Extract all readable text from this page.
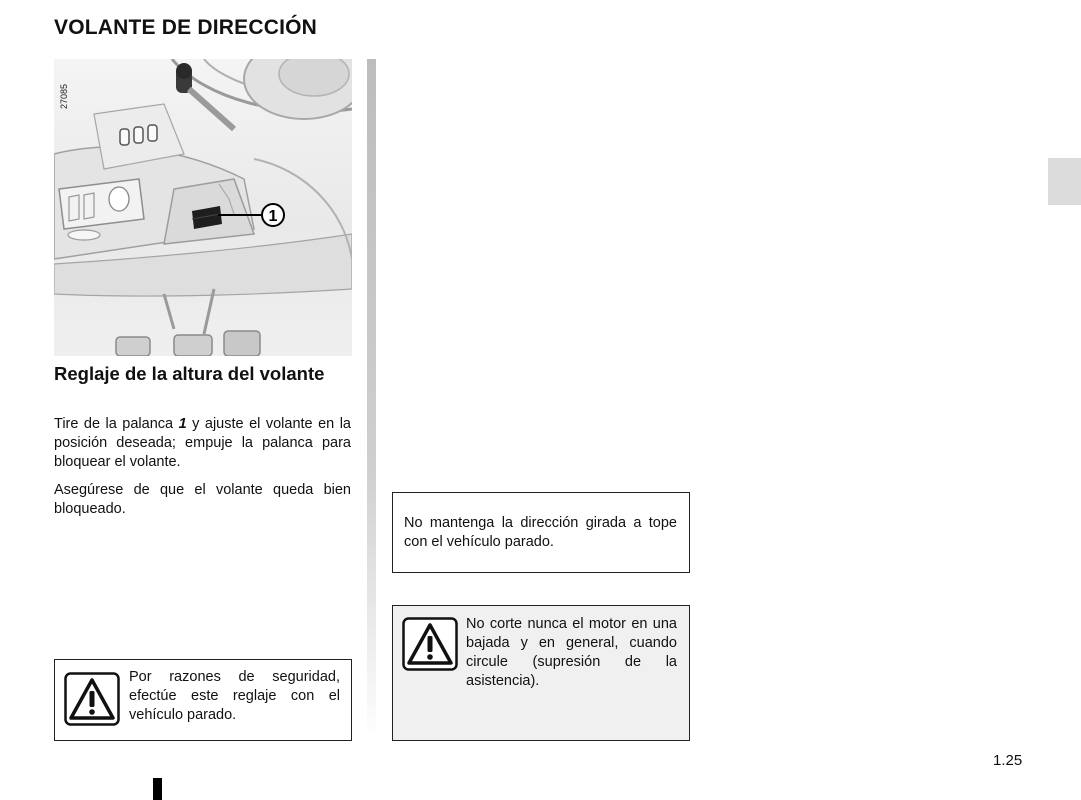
VOLANTE DE DIRECCIÓN
1
27085
Reglaje de la altura del volante
Tire de la palanca 1 y ajuste el volante en la posición deseada; empuje la palanca para bloquear el volante.
Asegúrese de que el volante queda bien bloqueado.
Por razones de seguridad, efectúe este reglaje con el vehículo parado.
No mantenga la dirección girada a tope con el vehículo parado.
No corte nunca el motor en una bajada y en general, cuando circule (supresión de la asistencia).
1.25
